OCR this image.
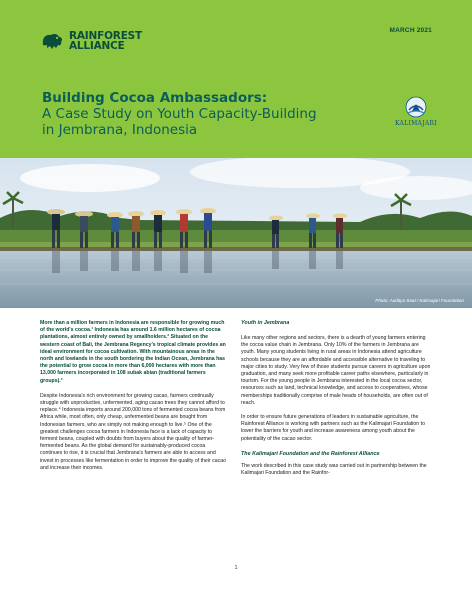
RAINFOREST
ALLIANCE
MARCH 2021
Building Cocoa Ambassadors:
A Case Study on Youth Capacity-Building
in Jembrana, Indonesia	KALIMAJARI
Photo: Auditya Saat / Kalimajari Foundation

More than a million farmers in Indonesia are responsible for growing much of the world's cocoa.¹ Indonesia has around 1.6 million hectares of cocoa plantations, almost entirely owned by smallholders.² Situated on the western coast of Bali, the Jembrana Regency's tropical climate provides an ideal environment for cocoa cultivation. With mountainous areas in the north and lowlands in the south bordering the Indian Ocean, Jembrana has the potential to grow cocoa in more than 6,000 hectares with more than 13,000 farmers incorporated in 108 subak abian (traditional farmers groups).³

Despite Indonesia's rich environment for growing cacao, farmers continually struggle with unproductive, unfermented, aging cacao trees they cannot afford to replace.⁴ Indonesia imports around 200,000 tons of fermented cocoa beans from Africa while, most often, only cheap, unfermented beans are bought from Indonesian farmers, who are simply not making enough to live.⁵ One of the greatest challenges cocoa farmers in Indonesia face is a lack of capacity to ferment beans, coupled with doubts from buyers about the quality of farmer-fermented beans. As the global demand for sustainably-produced cocoa continues to rise, it is crucial that Jembrana's farmers are able to access and invest in processes like fermentation in order to improve the quality of their cacao and increase their incomes.

Youth in Jembrana

Like many other regions and sectors, there is a dearth of young farmers entering the cocoa value chain in Jembrana. Only 10% of the farmers in Jembrana are youth. Many young students living in rural areas in Indonesia attend agriculture schools because they are an affordable and accessible alternative to traveling to major cities to study. Very few of those students pursue careers in agriculture upon graduation, and many seek more profitable career paths elsewhere, particularly in tourism. For the young people in Jembrana interested in the local cocoa sector, resources such as land, technical knowledge, and access to cooperatives, whose memberships traditionally comprise of male heads of households, are often out of reach.

In order to ensure future generations of leaders in sustainable agriculture, the Rainforest Alliance is working with partners such as the Kalimajari Foundation to lower the barriers for youth and increase awareness among youth about the potentiality of the cacao sector.

The Kalimajari Foundation and the Rainforest Alliance

The work described in this case study was carried out in partnership between the Kalimajari Foundation and the Rainfor-

1
